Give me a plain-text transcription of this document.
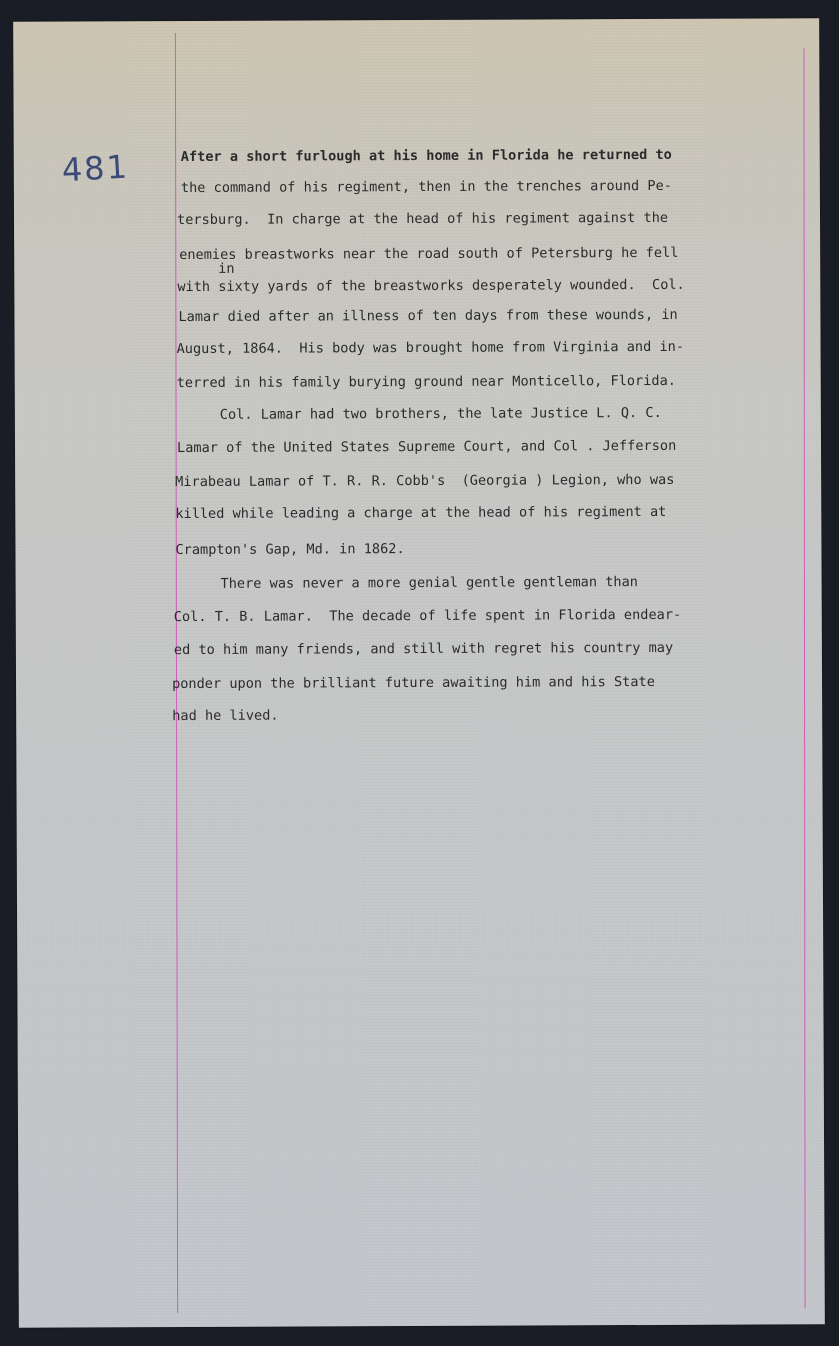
481	After a short furlough at his home in Florida he returned to
the command of his regiment, then in the trenches around Pe-
tersburg.  In charge at the head of his regiment against the
enemies breastworks near the road south of Petersburg he fell
in
with sixty yards of the breastworks desperately wounded.  Col.
Lamar died after an illness of ten days from these wounds, in
August, 1864.  His body was brought home from Virginia and in-
terred in his family burying ground near Monticello, Florida.
Col. Lamar had two brothers, the late Justice L. Q. C.
Lamar of the United States Supreme Court, and Col . Jefferson
Mirabeau Lamar of T. R. R. Cobb's  (Georgia ) Legion, who was
killed while leading a charge at the head of his regiment at
Crampton's Gap, Md. in 1862.
There was never a more genial gentle gentleman than
Col. T. B. Lamar.  The decade of life spent in Florida endear-
ed to him many friends, and still with regret his country may
ponder upon the brilliant future awaiting him and his State
had he lived.
